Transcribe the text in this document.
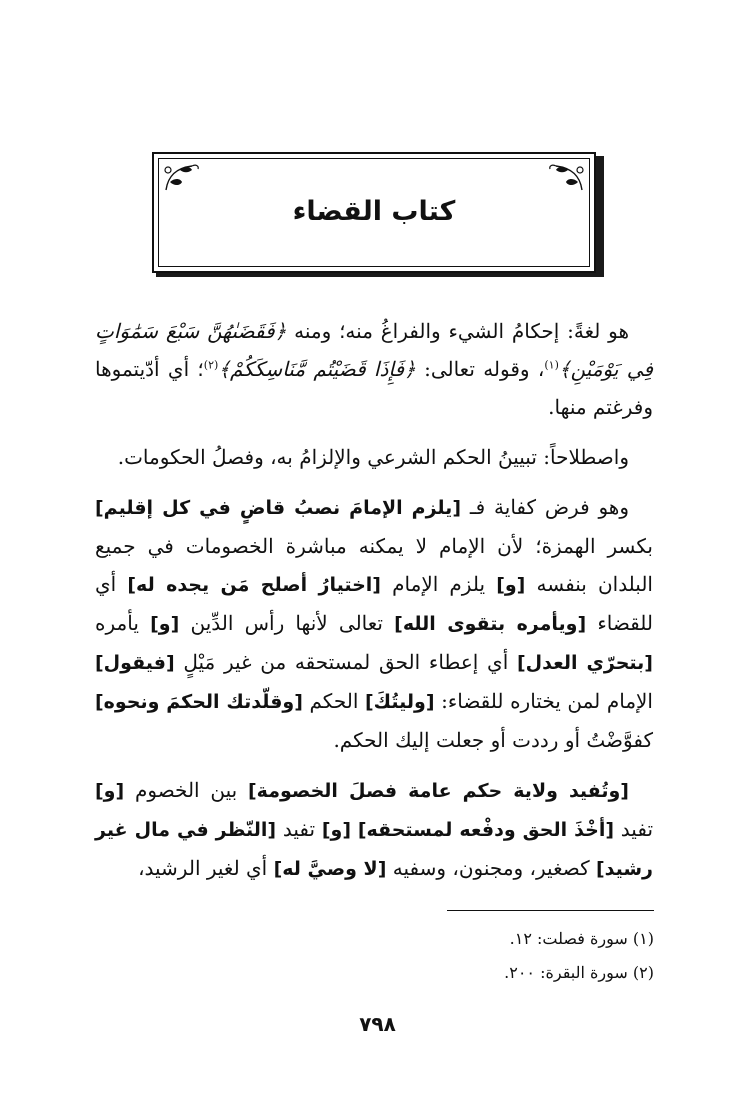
كتاب القضاء

هو لغةً: إحكامُ الشيء والفراغُ منه؛ ومنه ﴿فَقَضَىٰهُنَّ سَبْعَ سَمَٰوَاتٍ فِي يَوْمَيْنِ﴾$^{(١)}$، وقوله تعالى: ﴿فَإِذَا قَضَيْتُم مَّنَاسِكَكُمْ﴾$^{(٢)}$؛ أي أدّيتموها وفرغتم منها.

واصطلاحاً: تبيينُ الحكم الشرعي والإلزامُ به، وفصلُ الحكومات.

وهو فرض كفاية فـ [يلزم الإمامَ نصبُ قاضٍ في كل إقليم] بكسر الهمزة؛ لأن الإمام لا يمكنه مباشرة الخصومات في جميع البلدان بنفسه [و] يلزم الإمام [اختيارُ أصلح مَن يجده له] أي للقضاء [ويأمره بتقوى الله] تعالى لأنها رأس الدِّين [و] يأمره [بتحرّي العدل] أي إعطاء الحق لمستحقه من غير مَيْلٍ [فيقول] الإمام لمن يختاره للقضاء: [وليتُكَ] الحكم [وقلّدتك الحكمَ ونحوه] كفوَّضْتُ أو رددت أو جعلت إليك الحكم.

[وتُفيد ولاية حكم عامة فصلَ الخصومة] بين الخصوم [و] تفيد [أخْذَ الحق ودفْعه لمستحقه] [و] تفيد [النّظر في مال غير رشيد] كصغير، ومجنون، وسفيه [لا وصيَّ له] أي لغير الرشيد،

(١) سورة فصلت: ١٢.

(٢) سورة البقرة: ٢٠٠.

٧٩٨
